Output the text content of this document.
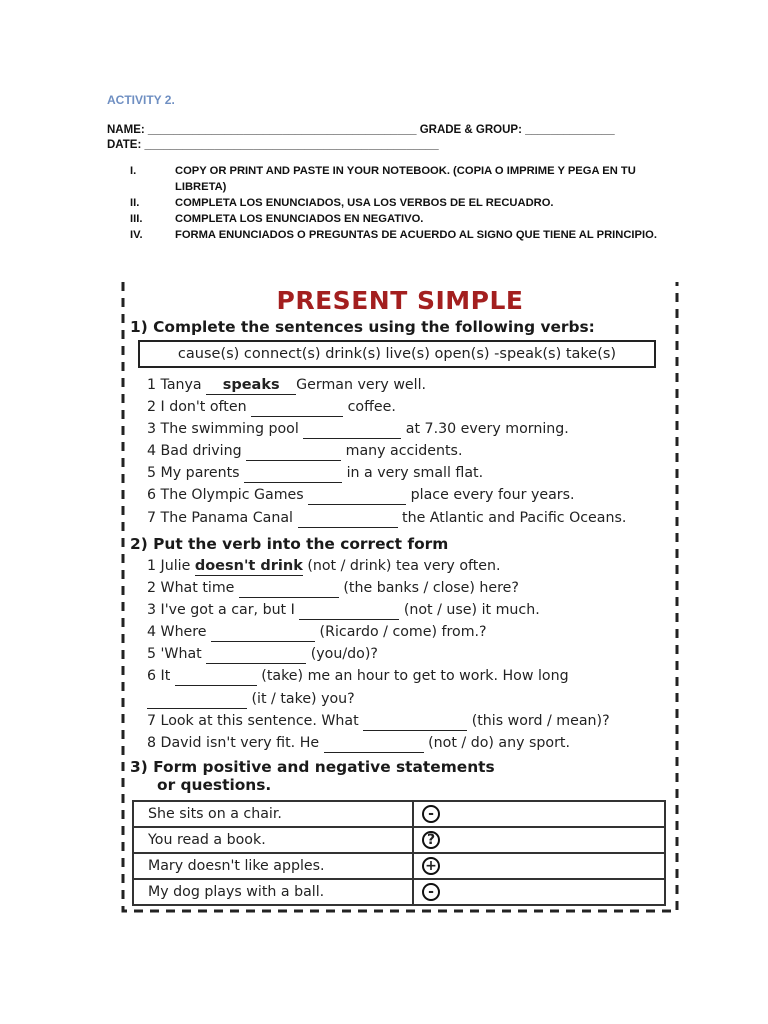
ACTIVITY 2.
NAME: __________________________________________ GRADE & GROUP: ______________
DATE: ______________________________________________
I.	COPY OR PRINT AND PASTE IN YOUR NOTEBOOK. (COPIA O IMPRIME Y PEGA EN TU LIBRETA)
II.	COMPLETA LOS ENUNCIADOS, USA LOS VERBOS DE EL RECUADRO.
III.	COMPLETA LOS ENUNCIADOS EN NEGATIVO.
IV.	FORMA ENUNCIADOS O PREGUNTAS DE ACUERDO AL SIGNO QUE TIENE AL PRINCIPIO.
PRESENT SIMPLE
1) Complete the sentences using the following verbs:
cause(s) connect(s) drink(s) live(s) open(s) -speak(s) take(s)
1 Tanya speaks German very well.
2 I don't often	coffee.
3 The swimming pool	at 7.30 every morning.
4 Bad driving	many accidents.
5 My parents	in a very small flat.
6 The Olympic Games	place every four years.
7 The Panama Canal	the Atlantic and Pacific Oceans.
2) Put the verb into the correct form
1 Julie doesn't drink (not / drink) tea very often.
2 What time	(the banks / close) here?
3 I've got a car, but I	(not / use) it much.
4 Where	(Ricardo / come) from.?
5 'What	(you/do)?
6 It	(take) me an hour to get to work. How long
(it / take) you?
7 Look at this sentence. What	(this word / mean)?
8 David isn't very fit. He	(not / do) any sport.
3) Form positive and negative statements
or questions.
She sits on a chair.	-
You read a book.	?
Mary doesn't like apples.	+
My dog plays with a ball.	-
